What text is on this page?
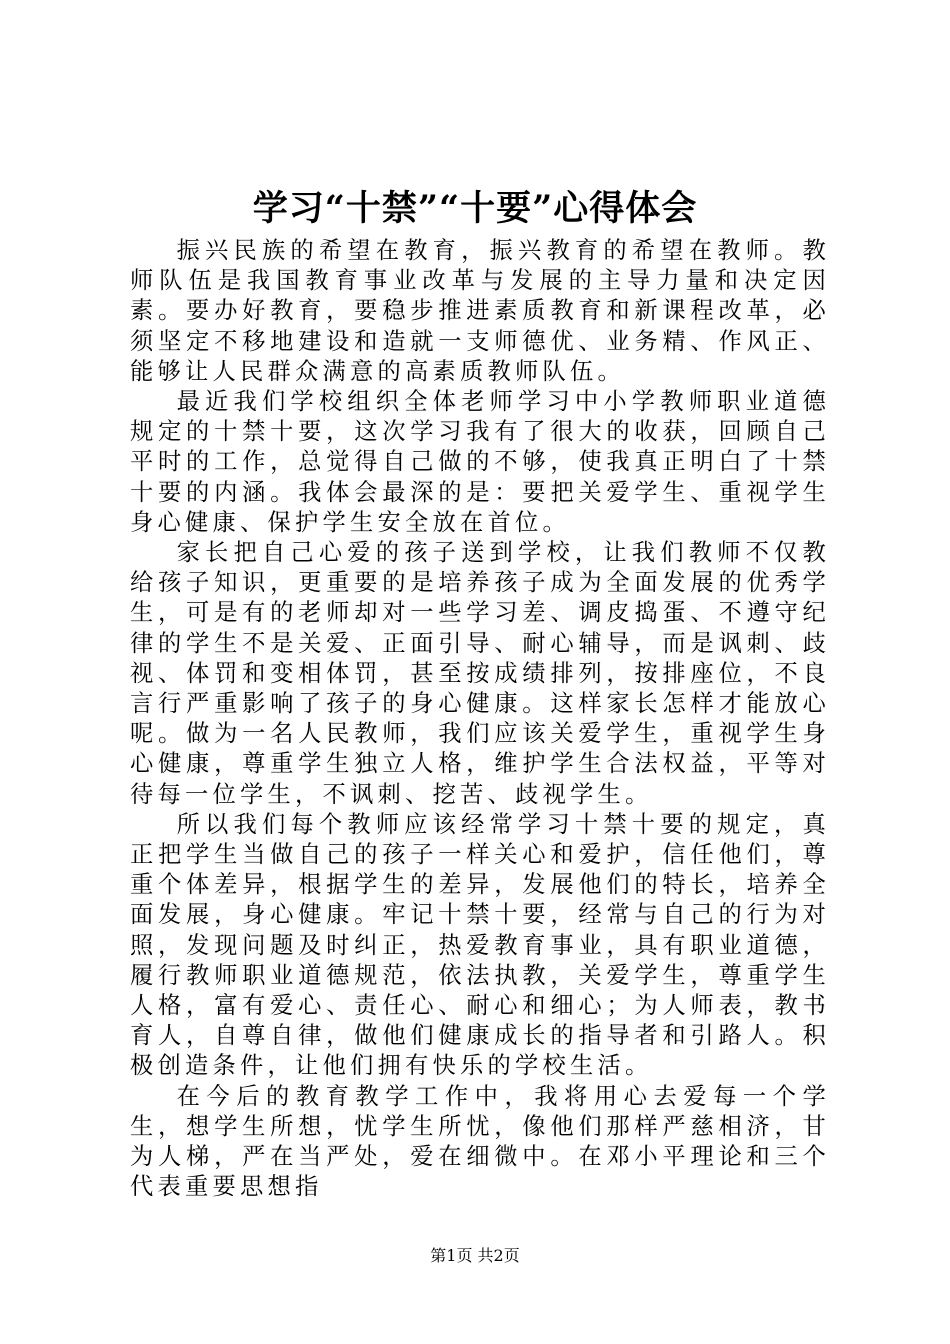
学习“十禁”“十要”心得体会

振兴民族的希望在教育，振兴教育的希望在教师。教师队伍是我国教育事业改革与发展的主导力量和决定因素。要办好教育，要稳步推进素质教育和新课程改革，必须坚定不移地建设和造就一支师德优、业务精、作风正、能够让人民群众满意的高素质教师队伍。

最近我们学校组织全体老师学习中小学教师职业道德规定的十禁十要，这次学习我有了很大的收获，回顾自己平时的工作，总觉得自己做的不够，使我真正明白了十禁十要的内涵。我体会最深的是：要把关爱学生、重视学生身心健康、保护学生安全放在首位。

家长把自己心爱的孩子送到学校，让我们教师不仅教给孩子知识，更重要的是培养孩子成为全面发展的优秀学生，可是有的老师却对一些学习差、调皮捣蛋、不遵守纪律的学生不是关爱、正面引导、耐心辅导，而是讽刺、歧视、体罚和变相体罚，甚至按成绩排列，按排座位，不良言行严重影响了孩子的身心健康。这样家长怎样才能放心呢。做为一名人民教师，我们应该关爱学生，重视学生身心健康，尊重学生独立人格，维护学生合法权益，平等对待每一位学生，不讽刺、挖苦、歧视学生。

所以我们每个教师应该经常学习十禁十要的规定，真正把学生当做自己的孩子一样关心和爱护，信任他们，尊重个体差异，根据学生的差异，发展他们的特长，培养全面发展，身心健康。牢记十禁十要，经常与自己的行为对照，发现问题及时纠正，热爱教育事业，具有职业道德，履行教师职业道德规范，依法执教，关爱学生，尊重学生人格，富有爱心、责任心、耐心和细心；为人师表，教书育人，自尊自律，做他们健康成长的指导者和引路人。积极创造条件，让他们拥有快乐的学校生活。

在今后的教育教学工作中，我将用心去爱每一个学生，想学生所想，忧学生所忧，像他们那样严慈相济，甘为人梯，严在当严处，爱在细微中。在邓小平理论和三个代表重要思想指

第1页 共2页
